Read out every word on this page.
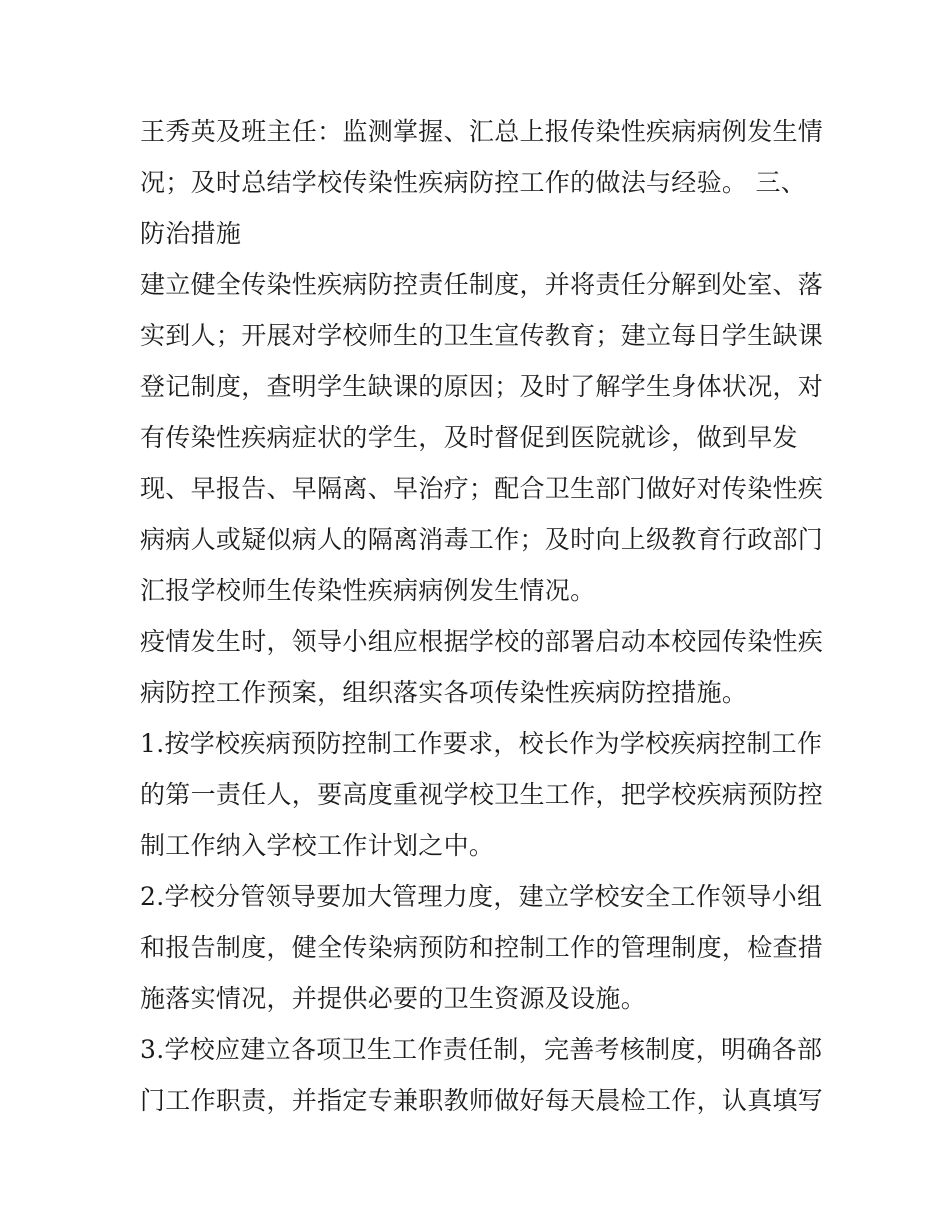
王秀英及班主任：监测掌握、汇总上报传染性疾病病例发生情
况；及时总结学校传染性疾病防控工作的做法与经验。 三、
防治措施
建立健全传染性疾病防控责任制度，并将责任分解到处室、落
实到人；开展对学校师生的卫生宣传教育；建立每日学生缺课
登记制度，查明学生缺课的原因；及时了解学生身体状况，对
有传染性疾病症状的学生，及时督促到医院就诊，做到早发
现、早报告、早隔离、早治疗；配合卫生部门做好对传染性疾
病病人或疑似病人的隔离消毒工作；及时向上级教育行政部门
汇报学校师生传染性疾病病例发生情况。
疫情发生时，领导小组应根据学校的部署启动本校园传染性疾
病防控工作预案，组织落实各项传染性疾病防控措施。
1.按学校疾病预防控制工作要求，校长作为学校疾病控制工作
的第一责任人，要高度重视学校卫生工作，把学校疾病预防控
制工作纳入学校工作计划之中。
2.学校分管领导要加大管理力度，建立学校安全工作领导小组
和报告制度，健全传染病预防和控制工作的管理制度，检查措
施落实情况，并提供必要的卫生资源及设施。
3.学校应建立各项卫生工作责任制，完善考核制度，明确各部
门工作职责，并指定专兼职教师做好每天晨检工作，认真填写
